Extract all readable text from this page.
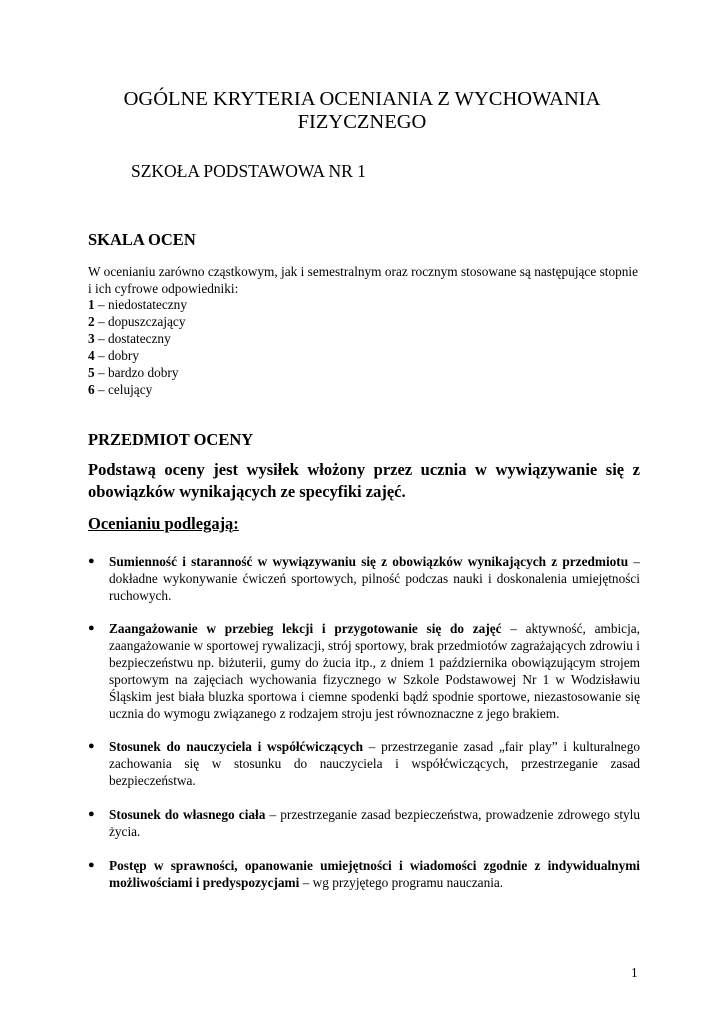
OGÓLNE KRYTERIA OCENIANIA Z WYCHOWANIA FIZYCZNEGO
SZKOŁA PODSTAWOWA NR 1
SKALA OCEN

W ocenianiu zarówno cząstkowym, jak i semestralnym oraz rocznym stosowane są następujące stopnie i ich cyfrowe odpowiedniki:

1 – niedostateczny
2 – dopuszczający
3 – dostateczny
4 – dobry
5 – bardzo dobry
6 – celujący
PRZEDMIOT OCENY

Podstawą oceny jest wysiłek włożony przez ucznia w wywiązywanie się z obowiązków wynikających ze specyfiki zajęć.

Ocenianiu podlegają:

● Sumienność i staranność w wywiązywaniu się z obowiązków wynikających z przedmiotu – dokładne wykonywanie ćwiczeń sportowych, pilność podczas nauki i doskonalenia umiejętności ruchowych.
● Zaangażowanie w przebieg lekcji i przygotowanie się do zajęć – aktywność, ambicja, zaangażowanie w sportowej rywalizacji, strój sportowy, brak przedmiotów zagrażających zdrowiu i bezpieczeństwu np. biżuterii, gumy do żucia itp., z dniem 1 października obowiązującym strojem sportowym na zajęciach wychowania fizycznego w Szkole Podstawowej Nr 1 w Wodzisławiu Śląskim jest biała bluzka sportowa i ciemne spodenki bądź spodnie sportowe, niezastosowanie się ucznia do wymogu związanego z rodzajem stroju jest równoznaczne z jego brakiem.
● Stosunek do nauczyciela i współćwiczących – przestrzeganie zasad „fair play” i kulturalnego zachowania się w stosunku do nauczyciela i współćwiczących, przestrzeganie zasad bezpieczeństwa.
● Stosunek do własnego ciała – przestrzeganie zasad bezpieczeństwa, prowadzenie zdrowego stylu życia.
● Postęp w sprawności, opanowanie umiejętności i wiadomości zgodnie z indywidualnymi możliwościami i predyspozycjami – wg przyjętego programu nauczania.
1
